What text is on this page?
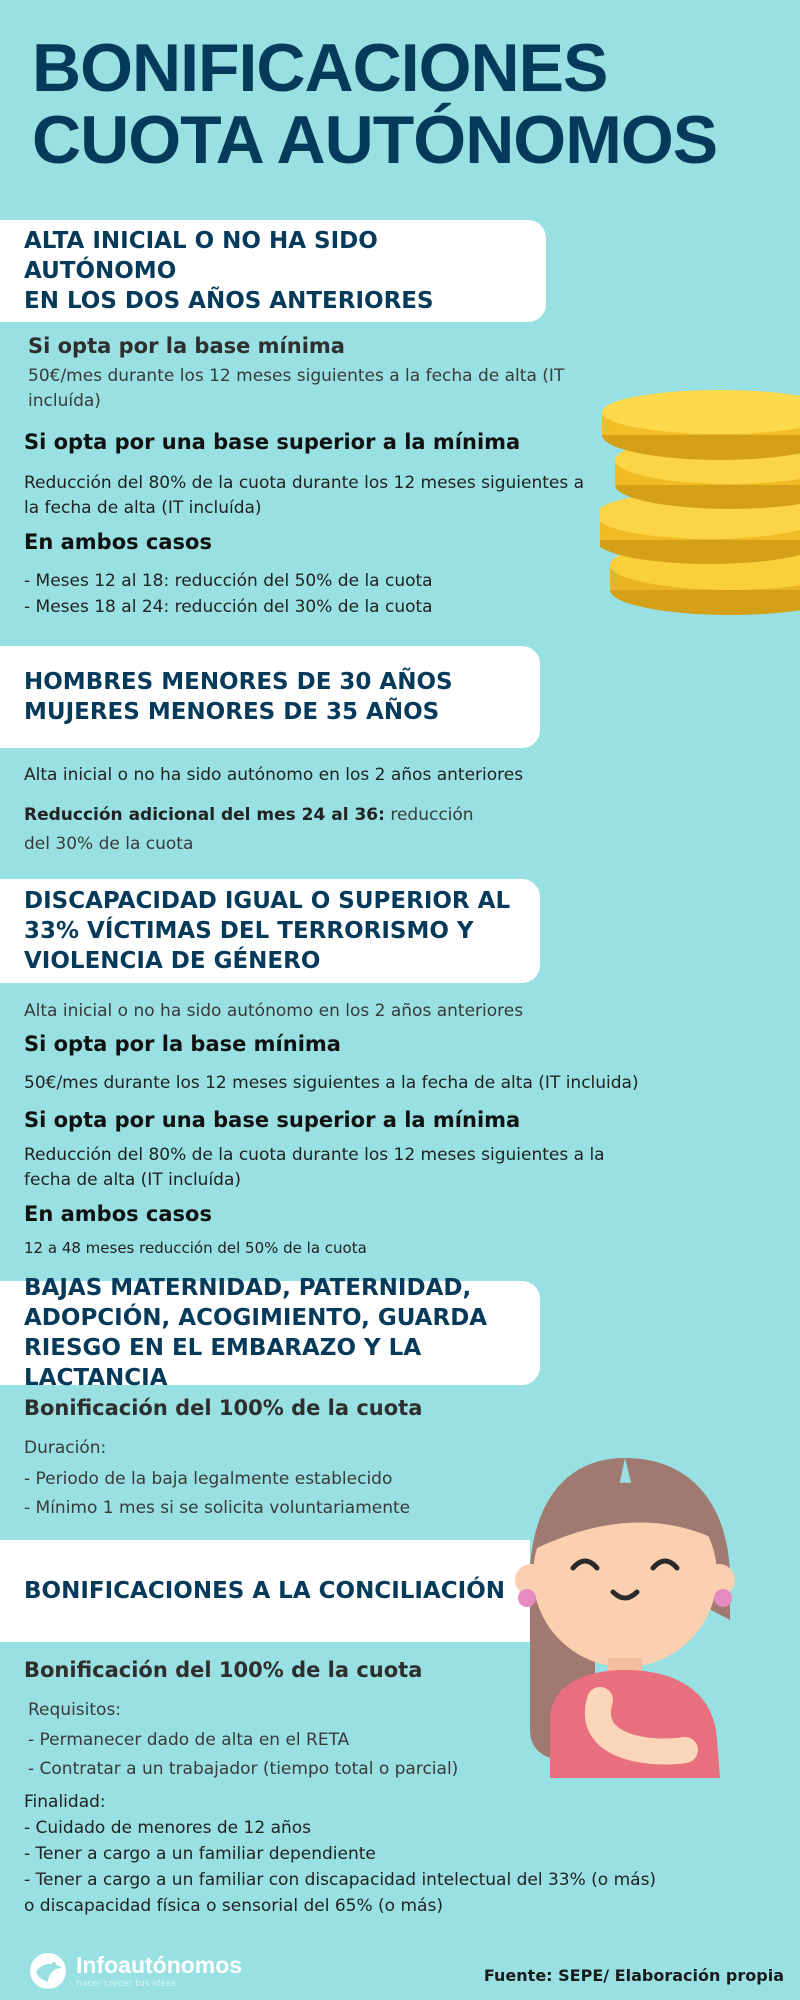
BONIFICACIONES
CUOTA AUTÓNOMOS
ALTA INICIAL O NO HA SIDO AUTÓNOMO
EN LOS DOS AÑOS ANTERIORES

Si opta por la base mínima

50€/mes durante los 12 meses siguientes a la fecha de alta (IT incluída)

Si opta por una base superior a la mínima

Reducción del 80% de la cuota durante los 12 meses siguientes a la fecha de alta (IT incluída)

En ambos casos

- Meses 12 al 18: reducción del 50% de la cuota
- Meses 18 al 24: reducción del 30% de la cuota
HOMBRES MENORES DE 30 AÑOS
MUJERES MENORES DE 35 AÑOS

Alta inicial o no ha sido autónomo en los 2 años anteriores

Reducción adicional del mes 24 al 36: reducción
del 30% de la cuota

DISCAPACIDAD IGUAL O SUPERIOR AL
33% VÍCTIMAS DEL TERRORISMO Y
VIOLENCIA DE GÉNERO

Alta inicial o no ha sido autónomo en los 2 años anteriores

Si opta por la base mínima

50€/mes durante los 12 meses siguientes a la fecha de alta (IT incluida)

Si opta por una base superior a la mínima

Reducción del 80% de la cuota durante los 12 meses siguientes a la fecha de alta (IT incluída)

En ambos casos

12 a 48 meses reducción del 50% de la cuota

BAJAS MATERNIDAD, PATERNIDAD,
ADOPCIÓN, ACOGIMIENTO, GUARDA
RIESGO EN EL EMBARAZO Y LA LACTANCIA

Bonificación del 100% de la cuota

Duración:

- Periodo de la baja legalmente establecido
- Mínimo 1 mes si se solicita voluntariamente
BONIFICACIONES A LA CONCILIACIÓN

Bonificación del 100% de la cuota

Requisitos:

- Permanecer dado de alta en el RETA
- Contratar a un trabajador (tiempo total o parcial)

Finalidad:

- Cuidado de menores de 12 años
- Tener a cargo a un familiar dependiente
- Tener a cargo a un familiar con discapacidad intelectual del 33% (o más)
o discapacidad física o sensorial del 65% (o más)
Infoautónomos
hacer crecer tus ideas	Fuente: SEPE/ Elaboración propia
